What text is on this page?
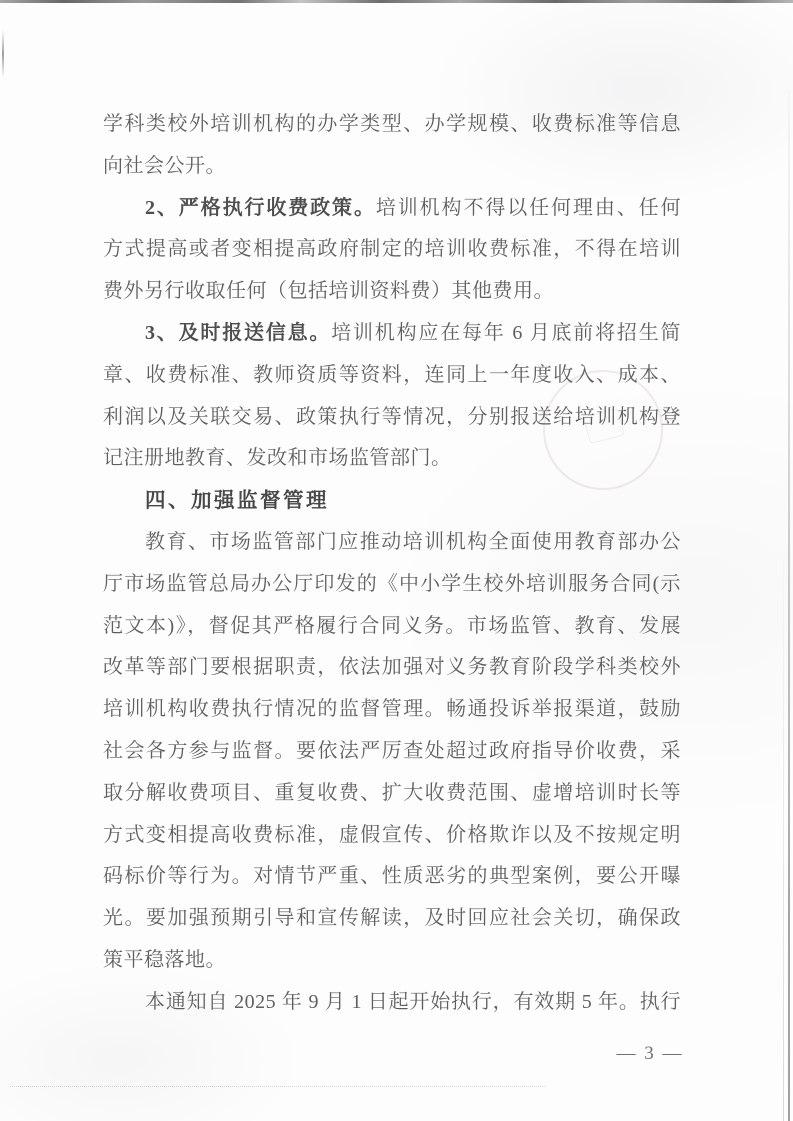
学科类校外培训机构的办学类型、办学规模、收费标准等信息
向社会公开。
2、严格执行收费政策。培训机构不得以任何理由、任何
方式提高或者变相提高政府制定的培训收费标准，不得在培训
费外另行收取任何（包括培训资料费）其他费用。
3、及时报送信息。培训机构应在每年 6 月底前将招生简
章、收费标准、教师资质等资料，连同上一年度收入、成本、
利润以及关联交易、政策执行等情况，分别报送给培训机构登
记注册地教育、发改和市场监管部门。
四、加强监督管理
教育、市场监管部门应推动培训机构全面使用教育部办公
厅市场监管总局办公厅印发的《中小学生校外培训服务合同(示
范文本)》，督促其严格履行合同义务。市场监管、教育、发展
改革等部门要根据职责，依法加强对义务教育阶段学科类校外
培训机构收费执行情况的监督管理。畅通投诉举报渠道，鼓励
社会各方参与监督。要依法严厉查处超过政府指导价收费，采
取分解收费项目、重复收费、扩大收费范围、虚增培训时长等
方式变相提高收费标准，虚假宣传、价格欺诈以及不按规定明
码标价等行为。对情节严重、性质恶劣的典型案例，要公开曝
光。要加强预期引导和宣传解读，及时回应社会关切，确保政
策平稳落地。
本通知自 2025 年 9 月 1 日起开始执行，有效期 5 年。执行
— 3 —
